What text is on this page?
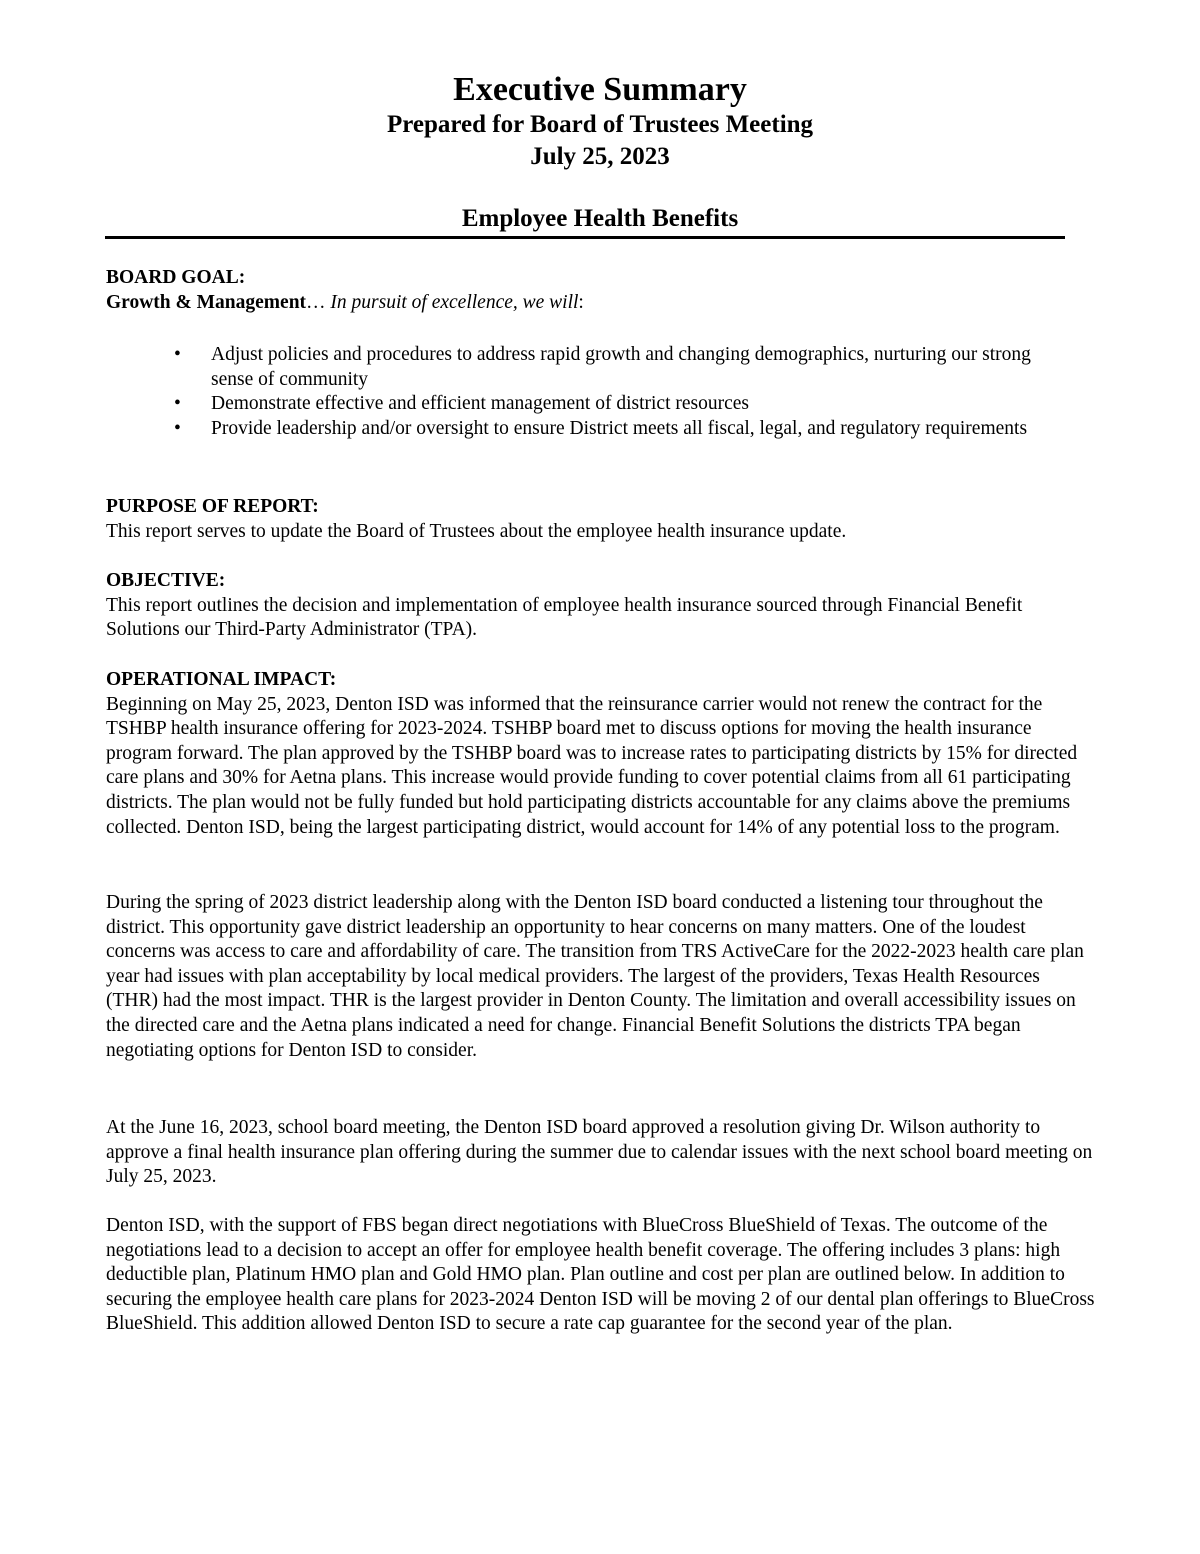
Executive Summary
Prepared for Board of Trustees Meeting
July 25, 2023
Employee Health Benefits

BOARD GOAL:

Growth & Management… In pursuit of excellence, we will:

• Adjust policies and procedures to address rapid growth and changing demographics, nurturing our strong sense of community
• Demonstrate effective and efficient management of district resources
• Provide leadership and/or oversight to ensure District meets all fiscal, legal, and regulatory requirements

PURPOSE OF REPORT:

This report serves to update the Board of Trustees about the employee health insurance update.

OBJECTIVE:

This report outlines the decision and implementation of employee health insurance sourced through Financial Benefit Solutions our Third-Party Administrator (TPA).

OPERATIONAL IMPACT:

Beginning on May 25, 2023, Denton ISD was informed that the reinsurance carrier would not renew the contract for the TSHBP health insurance offering for 2023-2024. TSHBP board met to discuss options for moving the health insurance program forward. The plan approved by the TSHBP board was to increase rates to participating districts by 15% for directed care plans and 30% for Aetna plans. This increase would provide funding to cover potential claims from all 61 participating districts. The plan would not be fully funded but hold participating districts accountable for any claims above the premiums collected. Denton ISD, being the largest participating district, would account for 14% of any potential loss to the program.

During the spring of 2023 district leadership along with the Denton ISD board conducted a listening tour throughout the district. This opportunity gave district leadership an opportunity to hear concerns on many matters. One of the loudest concerns was access to care and affordability of care. The transition from TRS ActiveCare for the 2022-2023 health care plan year had issues with plan acceptability by local medical providers. The largest of the providers, Texas Health Resources (THR) had the most impact. THR is the largest provider in Denton County. The limitation and overall accessibility issues on the directed care and the Aetna plans indicated a need for change. Financial Benefit Solutions the districts TPA began negotiating options for Denton ISD to consider.

At the June 16, 2023, school board meeting, the Denton ISD board approved a resolution giving Dr. Wilson authority to approve a final health insurance plan offering during the summer due to calendar issues with the next school board meeting on July 25, 2023.

Denton ISD, with the support of FBS began direct negotiations with BlueCross BlueShield of Texas. The outcome of the negotiations lead to a decision to accept an offer for employee health benefit coverage. The offering includes 3 plans: high deductible plan, Platinum HMO plan and Gold HMO plan. Plan outline and cost per plan are outlined below. In addition to securing the employee health care plans for 2023-2024 Denton ISD will be moving 2 of our dental plan offerings to BlueCross BlueShield. This addition allowed Denton ISD to secure a rate cap guarantee for the second year of the plan.
